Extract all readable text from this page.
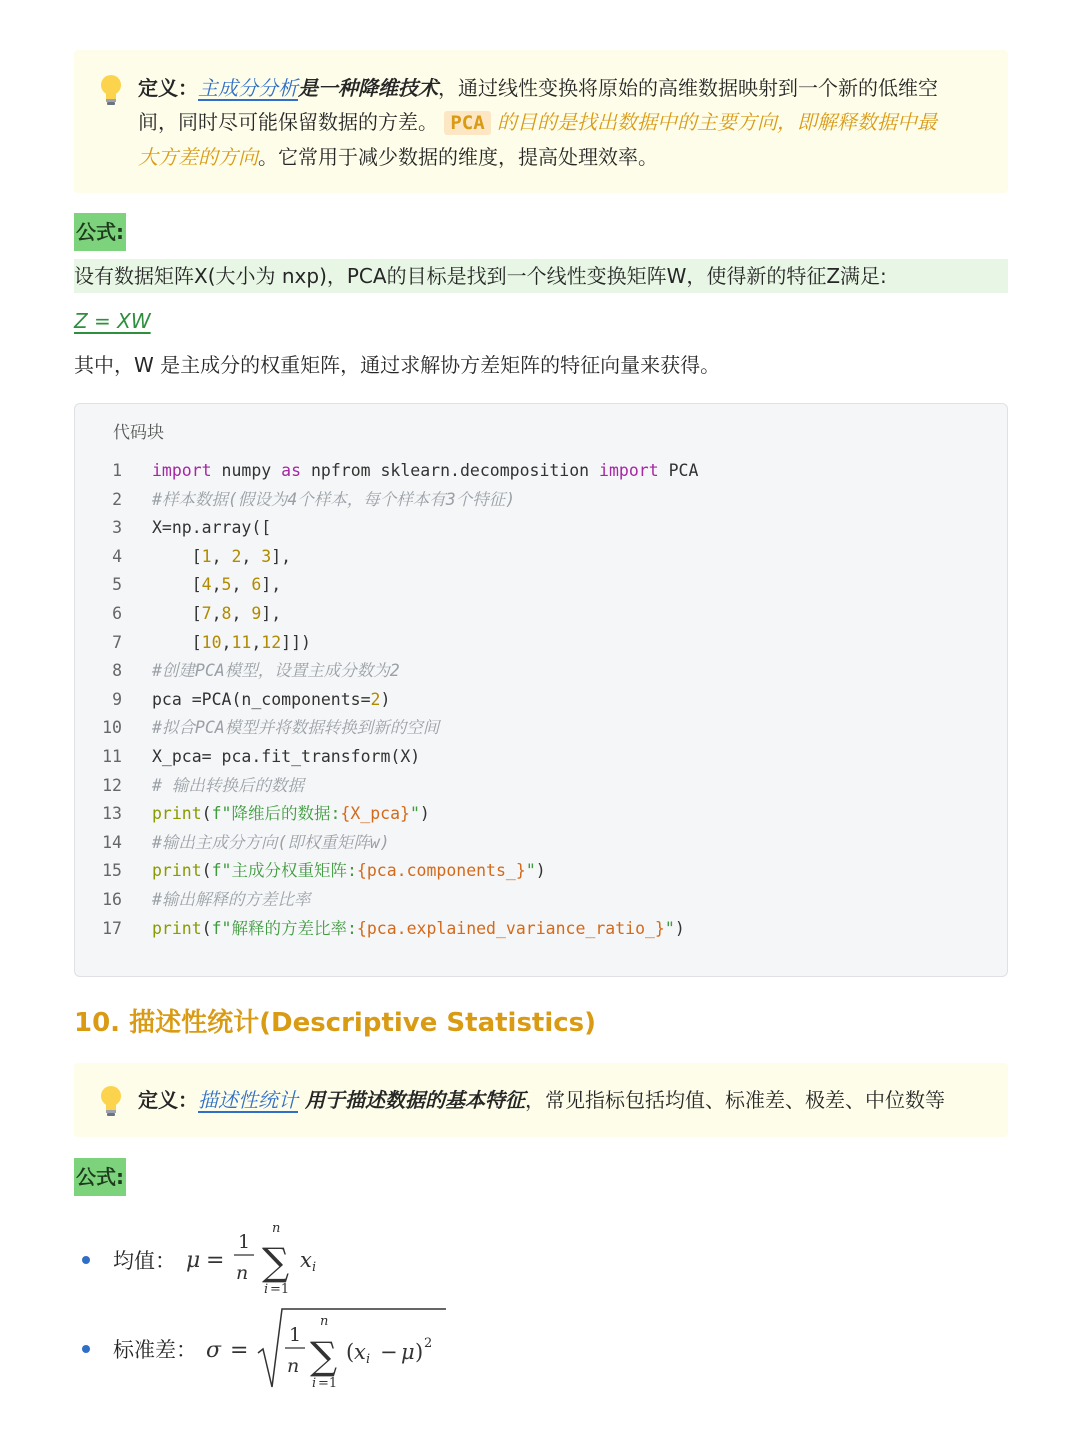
定义：主成分分析是一种降维技术，通过线性变换将原始的高维数据映射到一个新的低维空
间，同时尽可能保留数据的方差。 PCA 的目的是找出数据中的主要方向，即解释数据中最
大方差的方向。它常用于减少数据的维度，提高处理效率。
公式:
设有数据矩阵X(大小为 nxp)，PCA的目标是找到一个线性变换矩阵W，使得新的特征Z满足:
Z = XW
其中，W 是主成分的权重矩阵，通过求解协方差矩阵的特征向量来获得。
代码块
1 import numpy as npfrom sklearn.decomposition import PCA
2 #样本数据(假设为4个样本，每个样本有3个特征)
3 X=np.array([
4 [1, 2, 3],
5 [4,5, 6],
6 [7,8, 9],
7 [10,11,12]])
8 #创建PCA模型，设置主成分数为2
9 pca =PCA(n_components=2)
10 #拟合PCA模型并将数据转换到新的空间
11 X_pca= pca.fit_transform(X)
12 # 输出转换后的数据
13 print(f"降维后的数据:{X_pca}")
14 #输出主成分方向(即权重矩阵w)
15 print(f"主成分权重矩阵:{pca.components_}")
16 #输出解释的方差比率
17 print(f"解释的方差比率:{pca.explained_variance_ratio_}")
10. 描述性统计(Descriptive Statistics)
定义：描述性统计 用于描述数据的基本特征，常见指标包括均值、标准差、极差、中位数等
公式:
均值： μ =
1
n ∑
n
i =1
x i
标准差： σ =
1
n ∑
n
i =1
( x i − μ ) 2
